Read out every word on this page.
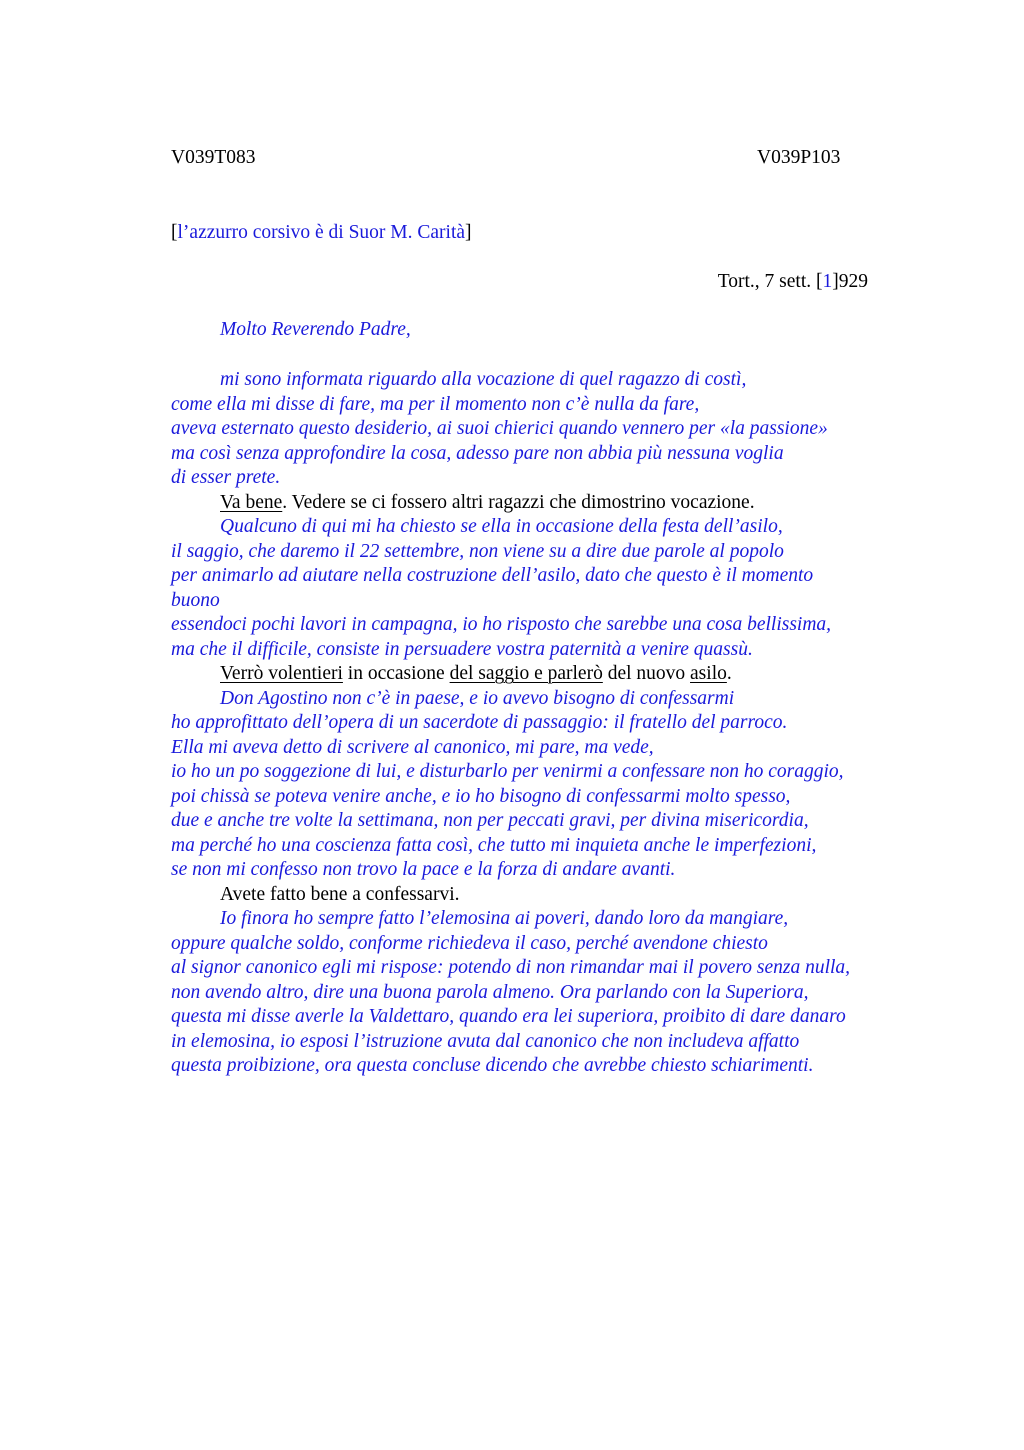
V039T083	V039P103
[l’azzurro corsivo è di Suor M. Carità]
Tort., 7 sett. [1]929
Molto Reverendo Padre,
mi sono informata riguardo alla vocazione di quel ragazzo di costì,
come ella mi disse di fare, ma per il momento non c’è nulla da fare,
aveva esternato questo desiderio, ai suoi chierici quando vennero per «la passione»
ma così senza approfondire la cosa, adesso pare non abbia più nessuna voglia
di esser prete.
Va bene. Vedere se ci fossero altri ragazzi che dimostrino vocazione.
Qualcuno di qui mi ha chiesto se ella in occasione della festa dell’asilo,
il saggio, che daremo il 22 settembre, non viene su a dire due parole al popolo
per animarlo ad aiutare nella costruzione dell’asilo, dato che questo è il momento
buono
essendoci pochi lavori in campagna, io ho risposto che sarebbe una cosa bellissima,
ma che il difficile, consiste in persuadere vostra paternità a venire quassù.
Verrò volentieri in occasione del saggio e parlerò del nuovo asilo.
Don Agostino non c’è in paese, e io avevo bisogno di confessarmi
ho approfittato dell’opera di un sacerdote di passaggio: il fratello del parroco.
Ella mi aveva detto di scrivere al canonico, mi pare, ma vede,
io ho un po soggezione di lui, e disturbarlo per venirmi a confessare non ho coraggio,
poi chissà se poteva venire anche, e io ho bisogno di confessarmi molto spesso,
due e anche tre volte la settimana, non per peccati gravi, per divina misericordia,
ma perché ho una coscienza fatta così, che tutto mi inquieta anche le imperfezioni,
se non mi confesso non trovo la pace e la forza di andare avanti.
Avete fatto bene a confessarvi.
Io finora ho sempre fatto l’elemosina ai poveri, dando loro da mangiare,
oppure qualche soldo, conforme richiedeva il caso, perché avendone chiesto
al signor canonico egli mi rispose: potendo di non rimandar mai il povero senza nulla,
non avendo altro, dire una buona parola almeno. Ora parlando con la Superiora,
questa mi disse averle la Valdettaro, quando era lei superiora, proibito di dare danaro
in elemosina, io esposi l’istruzione avuta dal canonico che non includeva affatto
questa proibizione, ora questa concluse dicendo che avrebbe chiesto schiarimenti.
